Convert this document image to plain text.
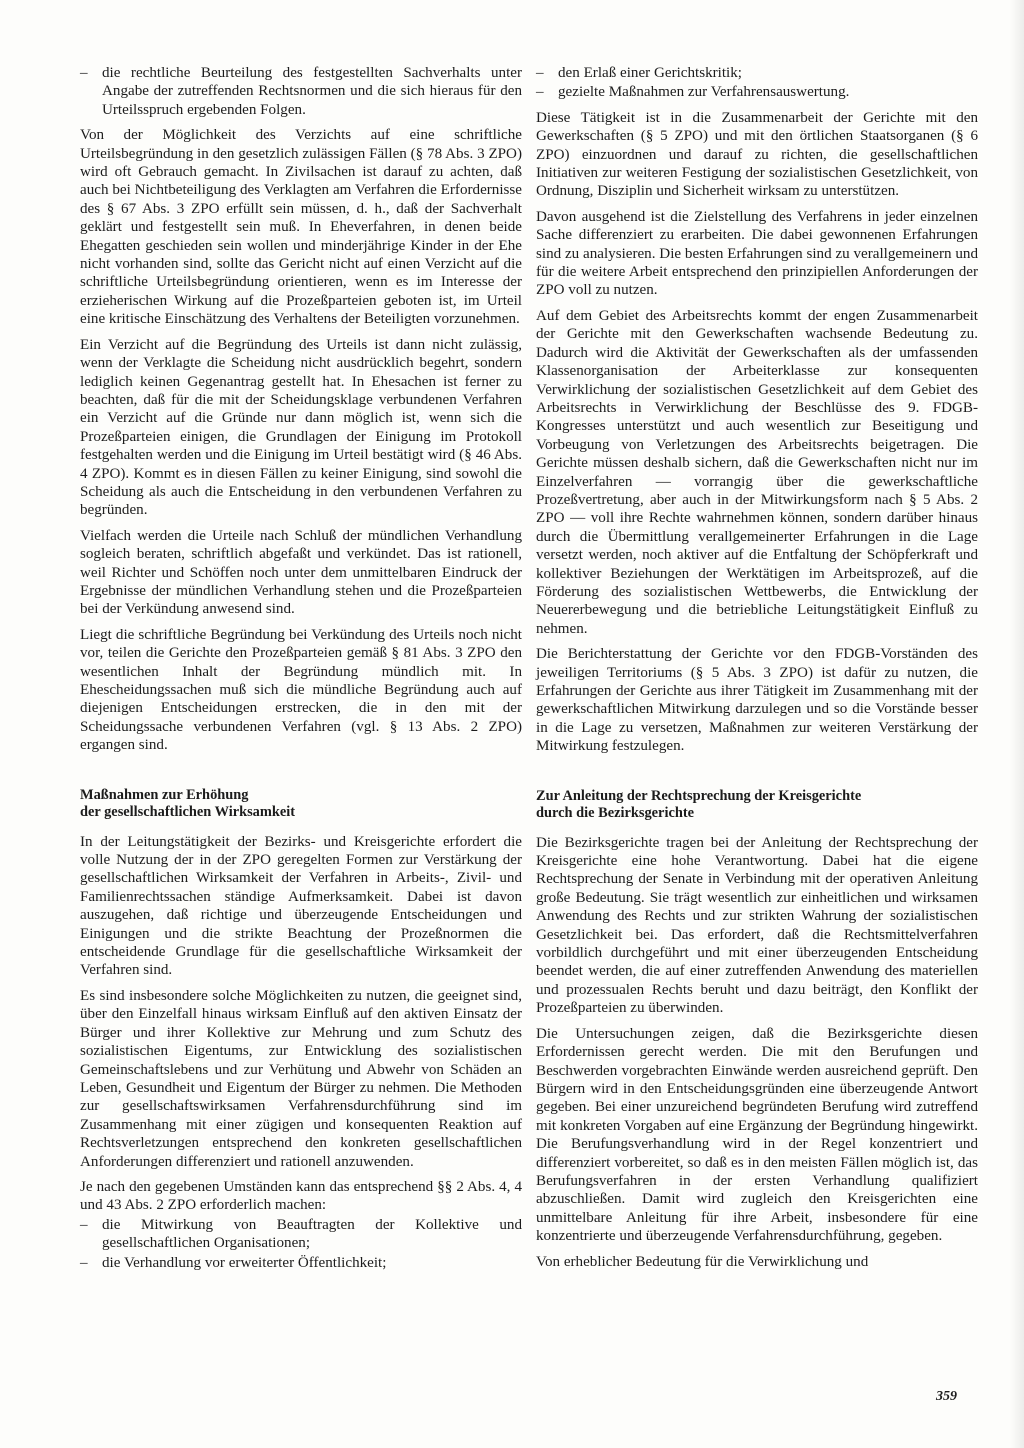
– die rechtliche Beurteilung des festgestellten Sachverhalts unter Angabe der zutreffenden Rechtsnormen und die sich hieraus für den Urteilsspruch ergebenden Folgen.

Von der Möglichkeit des Verzichts auf eine schriftliche Urteilsbegründung in den gesetzlich zulässigen Fällen (§ 78 Abs. 3 ZPO) wird oft Gebrauch gemacht. In Zivilsachen ist darauf zu achten, daß auch bei Nichtbeteiligung des Verklagten am Verfahren die Erfordernisse des § 67 Abs. 3 ZPO erfüllt sein müssen, d. h., daß der Sachverhalt geklärt und festgestellt sein muß. In Eheverfahren, in denen beide Ehegatten geschieden sein wollen und minderjährige Kinder in der Ehe nicht vorhanden sind, sollte das Gericht nicht auf einen Verzicht auf die schriftliche Urteilsbegründung orientieren, wenn es im Interesse der erzieherischen Wirkung auf die Prozeßparteien geboten ist, im Urteil eine kritische Einschätzung des Verhaltens der Beteiligten vorzunehmen.

Ein Verzicht auf die Begründung des Urteils ist dann nicht zulässig, wenn der Verklagte die Scheidung nicht ausdrücklich begehrt, sondern lediglich keinen Gegenantrag gestellt hat. In Ehesachen ist ferner zu beachten, daß für die mit der Scheidungsklage verbundenen Verfahren ein Verzicht auf die Gründe nur dann möglich ist, wenn sich die Prozeßparteien einigen, die Grundlagen der Einigung im Protokoll festgehalten werden und die Einigung im Urteil bestätigt wird (§ 46 Abs. 4 ZPO). Kommt es in diesen Fällen zu keiner Einigung, sind sowohl die Scheidung als auch die Entscheidung in den verbundenen Verfahren zu begründen.

Vielfach werden die Urteile nach Schluß der mündlichen Verhandlung sogleich beraten, schriftlich abgefaßt und verkündet. Das ist rationell, weil Richter und Schöffen noch unter dem unmittelbaren Eindruck der Ergebnisse der mündlichen Verhandlung stehen und die Prozeßparteien bei der Verkündung anwesend sind.

Liegt die schriftliche Begründung bei Verkündung des Urteils noch nicht vor, teilen die Gerichte den Prozeßparteien gemäß § 81 Abs. 3 ZPO den wesentlichen Inhalt der Begründung mündlich mit. In Ehescheidungssachen muß sich die mündliche Begründung auch auf diejenigen Entscheidungen erstrecken, die in den mit der Scheidungssache verbundenen Verfahren (vgl. § 13 Abs. 2 ZPO) ergangen sind.

Maßnahmen zur Erhöhung
der gesellschaftlichen Wirksamkeit

In der Leitungstätigkeit der Bezirks- und Kreisgerichte erfordert die volle Nutzung der in der ZPO geregelten Formen zur Verstärkung der gesellschaftlichen Wirksamkeit der Verfahren in Arbeits-, Zivil- und Familienrechtssachen ständige Aufmerksamkeit. Dabei ist davon auszugehen, daß richtige und überzeugende Entscheidungen und Einigungen und die strikte Beachtung der Prozeßnormen die entscheidende Grundlage für die gesellschaftliche Wirksamkeit der Verfahren sind.

Es sind insbesondere solche Möglichkeiten zu nutzen, die geeignet sind, über den Einzelfall hinaus wirksam Einfluß auf den aktiven Einsatz der Bürger und ihrer Kollektive zur Mehrung und zum Schutz des sozialistischen Eigentums, zur Entwicklung des sozialistischen Gemeinschaftslebens und zur Verhütung und Abwehr von Schäden an Leben, Gesundheit und Eigentum der Bürger zu nehmen. Die Methoden zur gesellschaftswirksamen Verfahrensdurchführung sind im Zusammenhang mit einer zügigen und konsequenten Reaktion auf Rechtsverletzungen entsprechend den konkreten gesellschaftlichen Anforderungen differenziert und rationell anzuwenden.

Je nach den gegebenen Umständen kann das entsprechend §§ 2 Abs. 4, 4 und 43 Abs. 2 ZPO erforderlich machen:

– die Mitwirkung von Beauftragten der Kollektive und gesellschaftlichen Organisationen;
– die Verhandlung vor erweiterter Öffentlichkeit;
– den Erlaß einer Gerichtskritik;
– gezielte Maßnahmen zur Verfahrensauswertung.

Diese Tätigkeit ist in die Zusammenarbeit der Gerichte mit den Gewerkschaften (§ 5 ZPO) und mit den örtlichen Staatsorganen (§ 6 ZPO) einzuordnen und darauf zu richten, die gesellschaftlichen Initiativen zur weiteren Festigung der sozialistischen Gesetzlichkeit, von Ordnung, Disziplin und Sicherheit wirksam zu unterstützen.

Davon ausgehend ist die Zielstellung des Verfahrens in jeder einzelnen Sache differenziert zu erarbeiten. Die dabei gewonnenen Erfahrungen sind zu analysieren. Die besten Erfahrungen sind zu verallgemeinern und für die weitere Arbeit entsprechend den prinzipiellen Anforderungen der ZPO voll zu nutzen.

Auf dem Gebiet des Arbeitsrechts kommt der engen Zusammenarbeit der Gerichte mit den Gewerkschaften wachsende Bedeutung zu. Dadurch wird die Aktivität der Gewerkschaften als der umfassenden Klassenorganisation der Arbeiterklasse zur konsequenten Verwirklichung der sozialistischen Gesetzlichkeit auf dem Gebiet des Arbeitsrechts in Verwirklichung der Beschlüsse des 9. FDGB-Kongresses unterstützt und auch wesentlich zur Beseitigung und Vorbeugung von Verletzungen des Arbeitsrechts beigetragen. Die Gerichte müssen deshalb sichern, daß die Gewerkschaften nicht nur im Einzelverfahren — vorrangig über die gewerkschaftliche Prozeßvertretung, aber auch in der Mitwirkungsform nach § 5 Abs. 2 ZPO — voll ihre Rechte wahrnehmen können, sondern darüber hinaus durch die Übermittlung verallgemeinerter Erfahrungen in die Lage versetzt werden, noch aktiver auf die Entfaltung der Schöpferkraft und kollektiver Beziehungen der Werktätigen im Arbeitsprozeß, auf die Förderung des sozialistischen Wettbewerbs, die Entwicklung der Neuererbewegung und die betriebliche Leitungstätigkeit Einfluß zu nehmen.

Die Berichterstattung der Gerichte vor den FDGB-Vorständen des jeweiligen Territoriums (§ 5 Abs. 3 ZPO) ist dafür zu nutzen, die Erfahrungen der Gerichte aus ihrer Tätigkeit im Zusammenhang mit der gewerkschaftlichen Mitwirkung darzulegen und so die Vorstände besser in die Lage zu versetzen, Maßnahmen zur weiteren Verstärkung der Mitwirkung festzulegen.

Zur Anleitung der Rechtsprechung der Kreisgerichte
durch die Bezirksgerichte

Die Bezirksgerichte tragen bei der Anleitung der Rechtsprechung der Kreisgerichte eine hohe Verantwortung. Dabei hat die eigene Rechtsprechung der Senate in Verbindung mit der operativen Anleitung große Bedeutung. Sie trägt wesentlich zur einheitlichen und wirksamen Anwendung des Rechts und zur strikten Wahrung der sozialistischen Gesetzlichkeit bei. Das erfordert, daß die Rechtsmittelverfahren vorbildlich durchgeführt und mit einer überzeugenden Entscheidung beendet werden, die auf einer zutreffenden Anwendung des materiellen und prozessualen Rechts beruht und dazu beiträgt, den Konflikt der Prozeßparteien zu überwinden.

Die Untersuchungen zeigen, daß die Bezirksgerichte diesen Erfordernissen gerecht werden. Die mit den Berufungen und Beschwerden vorgebrachten Einwände werden ausreichend geprüft. Den Bürgern wird in den Entscheidungsgründen eine überzeugende Antwort gegeben. Bei einer unzureichend begründeten Berufung wird zutreffend mit konkreten Vorgaben auf eine Ergänzung der Begründung hingewirkt. Die Berufungsverhandlung wird in der Regel konzentriert und differenziert vorbereitet, so daß es in den meisten Fällen möglich ist, das Berufungsverfahren in der ersten Verhandlung qualifiziert abzuschließen. Damit wird zugleich den Kreisgerichten eine unmittelbare Anleitung für ihre Arbeit, insbesondere für eine konzentrierte und überzeugende Verfahrensdurchführung, gegeben.

Von erheblicher Bedeutung für die Verwirklichung und

359
